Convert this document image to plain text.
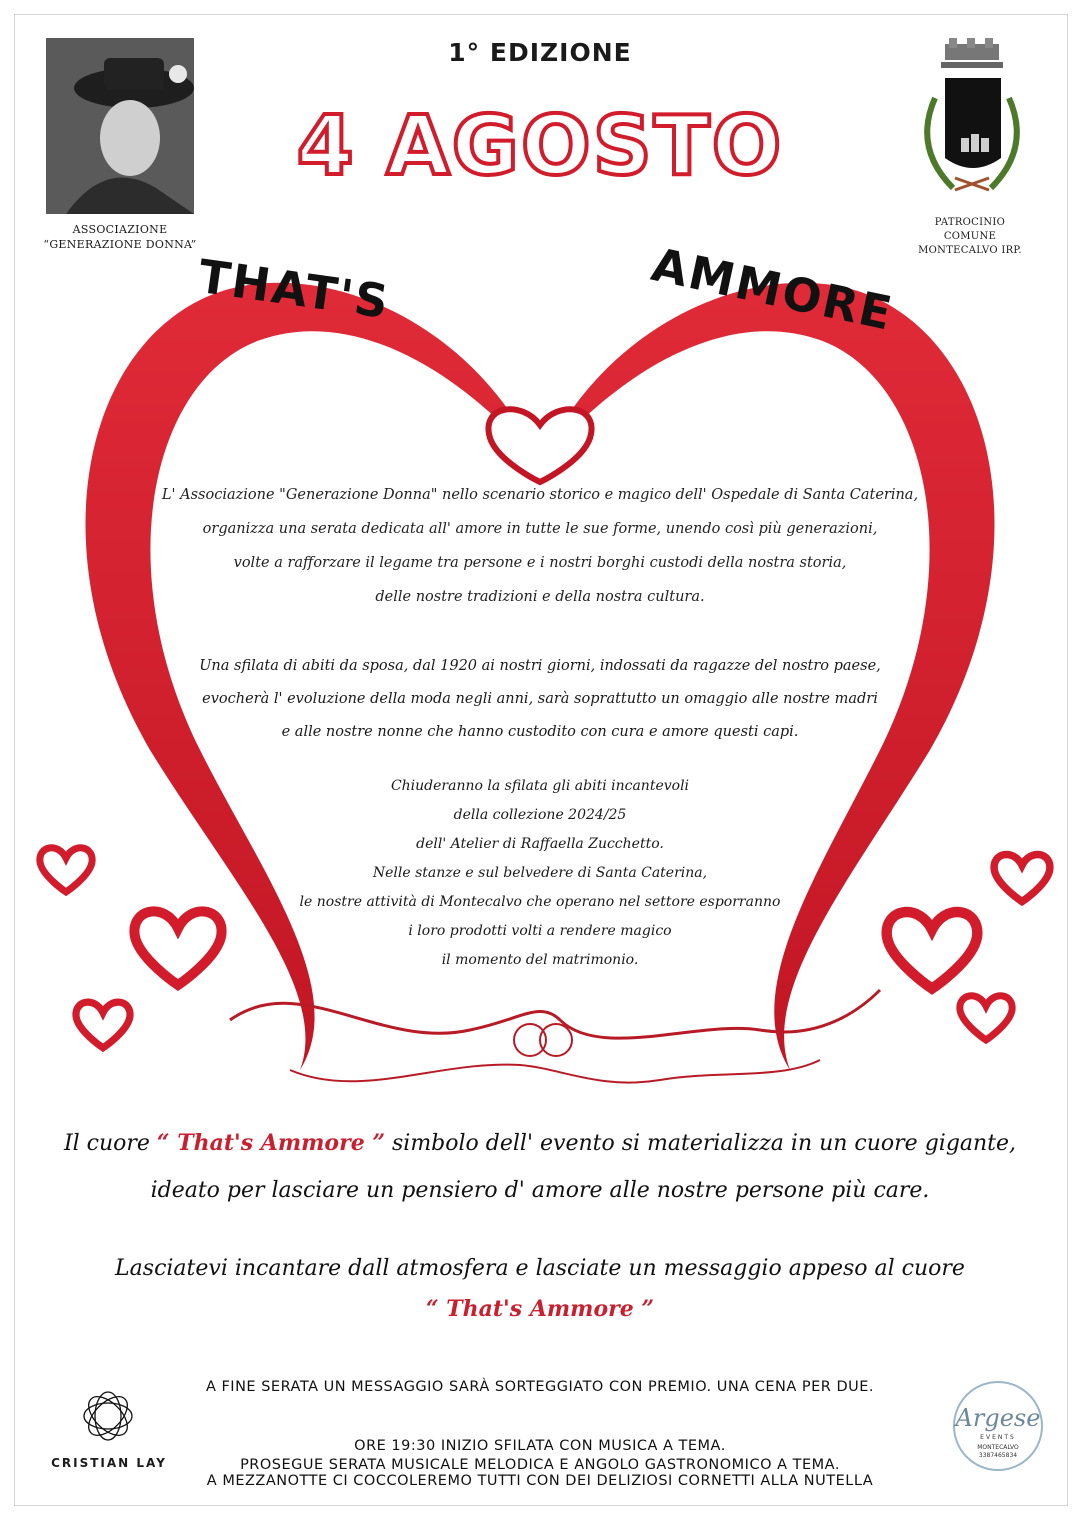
ASSOCIAZIONE
“GENERAZIONE DONNA”
1° EDIZIONE
4 AGOSTO
PATROCINIO
COMUNE
MONTECALVO IRP.
THAT'S	AMMORE

L' Associazione "Generazione Donna" nello scenario storico e magico dell' Ospedale di Santa Caterina,

organizza una serata dedicata all' amore in tutte le sue forme, unendo così più generazioni,

volte a rafforzare il legame tra persone e i nostri borghi custodi della nostra storia,

delle nostre tradizioni e della nostra cultura.

Una sfilata di abiti da sposa, dal 1920 ai nostri giorni, indossati da ragazze del nostro paese,

evocherà l' evoluzione della moda negli anni, sarà soprattutto un omaggio alle nostre madri

e alle nostre nonne che hanno custodito con cura e amore questi capi.

Chiuderanno la sfilata gli abiti incantevoli

della collezione 2024/25

dell' Atelier di Raffaella Zucchetto.

Nelle stanze e sul belvedere di Santa Caterina,

le nostre attività di Montecalvo che operano nel settore esporranno

i loro prodotti volti a rendere magico

il momento del matrimonio.

Il cuore “ That's Ammore ” simbolo dell' evento si materializza in un cuore gigante,
ideato per lasciare un pensiero d' amore alle nostre persone più care.
Lasciatevi incantare dall atmosfera e lasciate un messaggio appeso al cuore
“ That's Ammore ”
A FINE SERATA UN MESSAGGIO SARÀ SORTEGGIATO CON PREMIO. UNA CENA PER DUE.
ORE 19:30 INIZIO SFILATA CON MUSICA A TEMA.
PROSEGUE SERATA MUSICALE MELODICA E ANGOLO GASTRONOMICO A TEMA.
A MEZZANOTTE CI COCCOLEREMO TUTTI CON DEI DELIZIOSI CORNETTI ALLA NUTELLA
CRISTIAN LAY
Argese
EVENTS
MONTECALVO
3387465834
